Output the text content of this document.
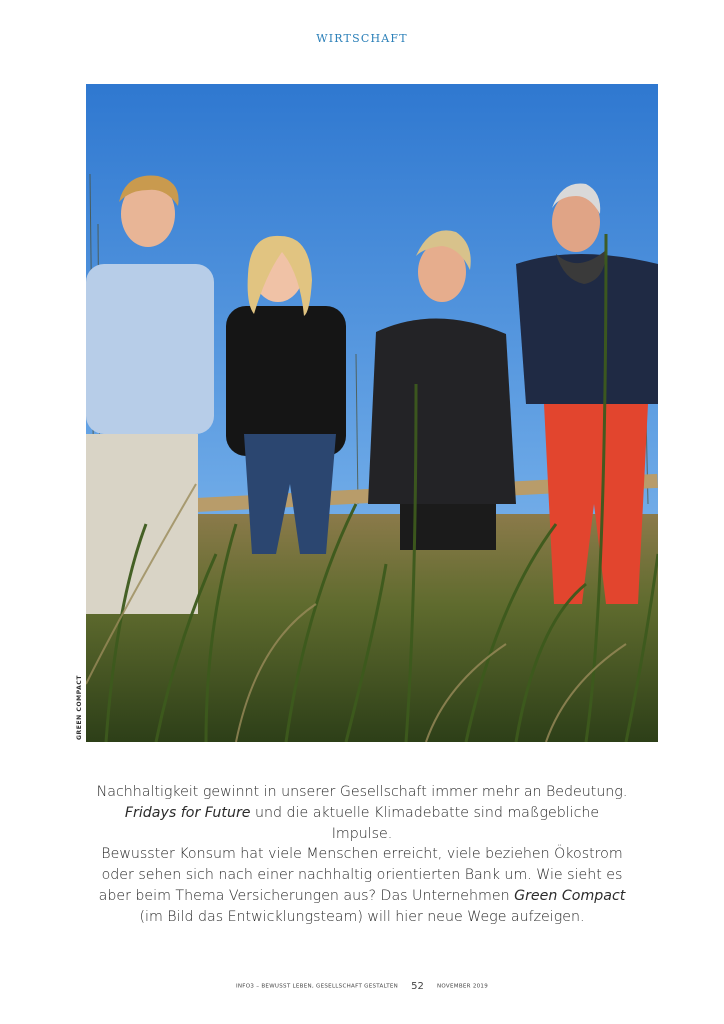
WIRTSCHAFT
GREEN COMPACT
Nachhaltigkeit gewinnt in unserer Gesellschaft immer mehr an Bedeutung.
Fridays for Future und die aktuelle Klimadebatte sind maßgebliche Impulse.
Bewusster Konsum hat viele Menschen erreicht, viele beziehen Ökostrom
oder sehen sich nach einer nachhaltig orientierten Bank um. Wie sieht es
aber beim Thema Versicherungen aus? Das Unternehmen Green Compact
(im Bild das Entwicklungsteam) will hier neue Wege aufzeigen.
INFO3 – BEWUSST LEBEN, GESELLSCHAFT GESTALTEN 52 NOVEMBER 2019
